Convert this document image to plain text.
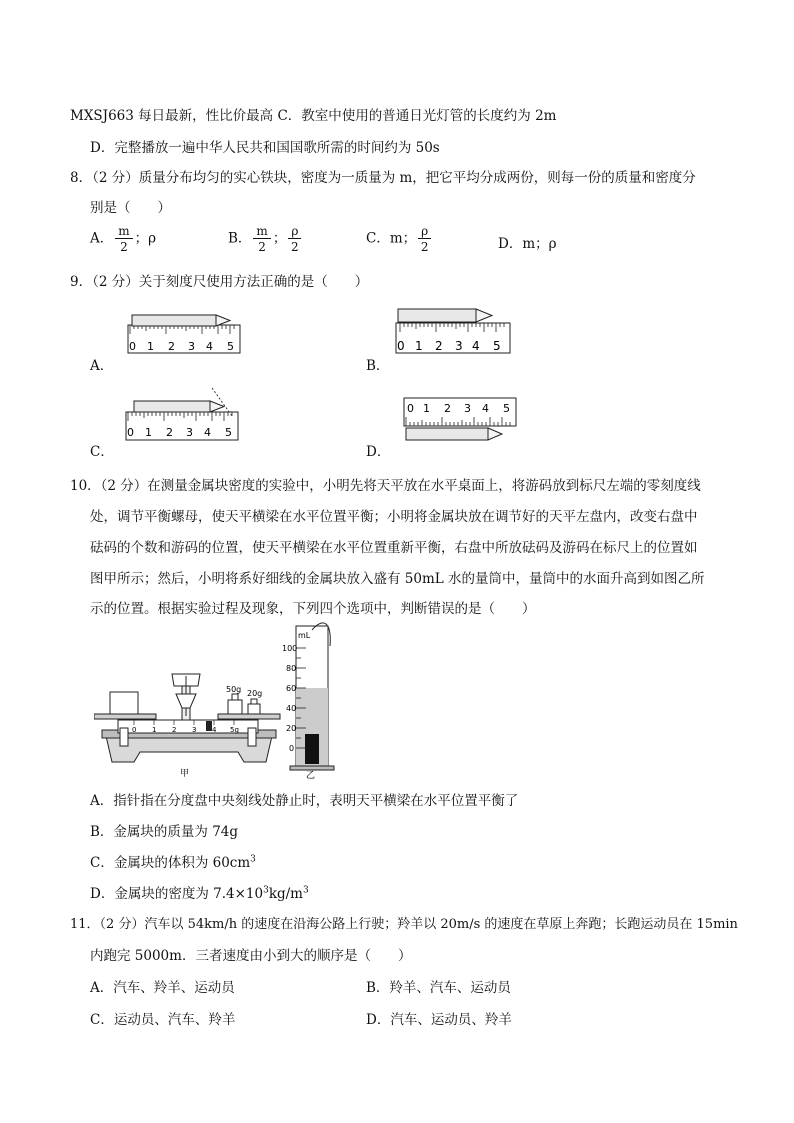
MXSJ663 每日最新，性比价最高 C．教室中使用的普通日光灯管的长度约为 2m
D．完整播放一遍中华人民共和国国歌所需的时间约为 50s
8．（2 分）质量分布均匀的实心铁块，密度为一质量为 m，把它平均分成两份，则每一份的质量和密度分
别是（　　）
A． $\frac{m}{2}$ ；ρ	B． $\frac{m}{2}$ ； $\frac{\rho}{2}$	C．m； $\frac{\rho}{2}$	D．m；ρ
9．（2 分）关于刻度尺使用方法正确的是（　　）
A．
0 1 2 3 4 5
B．
0 1 2 3 4 5
C．
0 1 2 3 4 5
D．
0 1 2 3 4 5
10．（2 分）在测量金属块密度的实验中，小明先将天平放在水平桌面上，将游码放到标尺左端的零刻度线
处，调节平衡螺母，使天平横梁在水平位置平衡；小明将金属块放在调节好的天平左盘内，改变右盘中
砝码的个数和游码的位置，使天平横梁在水平位置重新平衡，右盘中所放砝码及游码在标尺上的位置如
图甲所示；然后，小明将系好细线的金属块放入盛有 50mL 水的量筒中，量筒中的水面升高到如图乙所
示的位置。根据实验过程及现象，下列四个选项中，判断错误的是（　　）
0 1 2 3 4 5g
50g 20g
甲
mL
100
80
60
40
20
0
乙
A．指针指在分度盘中央刻线处静止时，表明天平横梁在水平位置平衡了
B．金属块的质量为 74g
C．金属块的体积为 $60cm^3$
D．金属块的密度为 $7.4\times 10^3kg/m^3$
11．（2 分）汽车以 54km/h 的速度在沿海公路上行驶；羚羊以 20m/s 的速度在草原上奔跑；长跑运动员在 15min
内跑完 5000m．三者速度由小到大的顺序是（　　）
A．汽车、羚羊、运动员	B．羚羊、汽车、运动员
C．运动员、汽车、羚羊	D．汽车、运动员、羚羊
